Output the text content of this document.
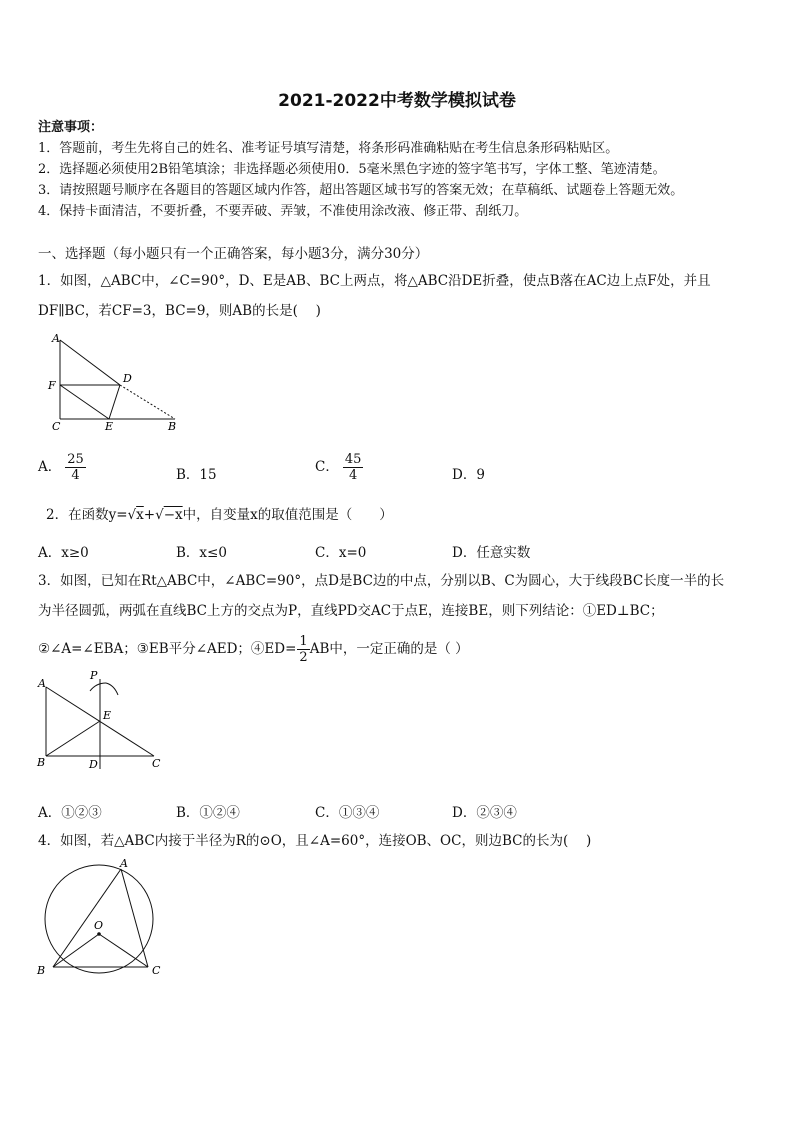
2021-2022中考数学模拟试卷
注意事项：
1．答题前，考生先将自己的姓名、准考证号填写清楚，将条形码准确粘贴在考生信息条形码粘贴区。
2．选择题必须使用2B铅笔填涂；非选择题必须使用0．5毫米黑色字迹的签字笔书写，字体工整、笔迹清楚。
3．请按照题号顺序在各题目的答题区域内作答，超出答题区域书写的答案无效；在草稿纸、试题卷上答题无效。
4．保持卡面清洁，不要折叠，不要弄破、弄皱，不准使用涂改液、修正带、刮纸刀。
一、选择题（每小题只有一个正确答案，每小题3分，满分30分）
1．如图，△ABC中，∠C=90°，D、E是AB、BC上两点，将△ABC沿DE折叠，使点B落在AC边上点F处，并且
DF∥BC，若CF=3，BC=9，则AB的长是(　 )
A
F
D
C	E	B
A． $\frac{25}{4}$	B．15	C． $\frac{45}{4}$	D．9
2．在函数y=√x+√−x中，自变量x的取值范围是（　　）
A．x≥0	B．x≤0	C．x=0	D．任意实数
3．如图，已知在Rt△ABC中，∠ABC=90°，点D是BC边的中点，分别以B、C为圆心，大于线段BC长度一半的长
为半径圆弧，两弧在直线BC上方的交点为P，直线PD交AC于点E，连接BE，则下列结论：①ED⊥BC；
②∠A=∠EBA；③EB平分∠AED；④ED= $\frac{1}{2}$ AB中，一定正确的是（ ）
A
P
E
B	D	C
A．①②③	B．①②④	C．①③④	D．②③④
4．如图，若△ABC内接于半径为R的⊙O，且∠A=60°，连接OB、OC，则边BC的长为(　 )
A
O
B	C
